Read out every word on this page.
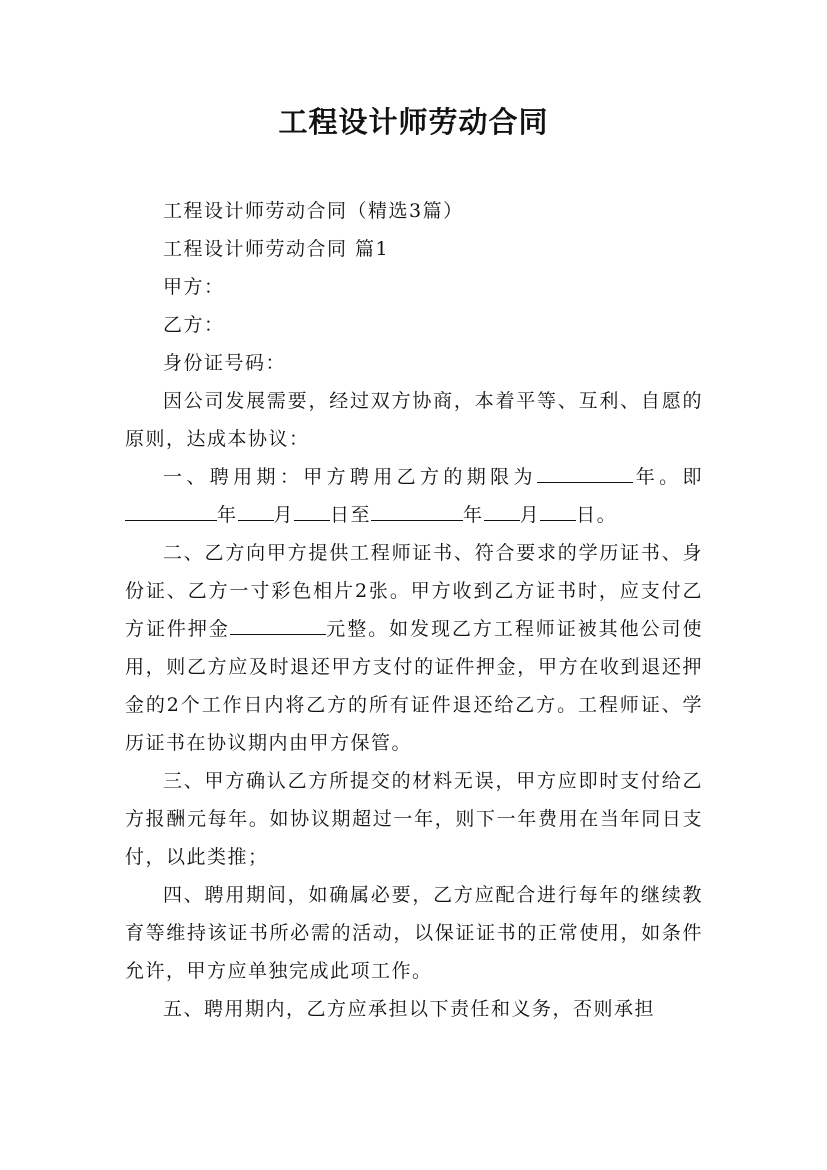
工程设计师劳动合同

工程设计师劳动合同（精选3篇）

工程设计师劳动合同 篇1

甲方：

乙方：

身份证号码：

因公司发展需要，经过双方协商，本着平等、互利、自愿的原则，达成本协议：

一、聘用期：甲方聘用乙方的期限为	年。即年 月 日至	年 月 日。

二、乙方向甲方提供工程师证书、符合要求的学历证书、身份证、乙方一寸彩色相片2张。甲方收到乙方证书时，应支付乙方证件押金	元整。如发现乙方工程师证被其他公司使用，则乙方应及时退还甲方支付的证件押金，甲方在收到退还押金的2个工作日内将乙方的所有证件退还给乙方。工程师证、学历证书在协议期内由甲方保管。

三、甲方确认乙方所提交的材料无误，甲方应即时支付给乙方报酬元每年。如协议期超过一年，则下一年费用在当年同日支付，以此类推；

四、聘用期间，如确属必要，乙方应配合进行每年的继续教育等维持该证书所必需的活动，以保证证书的正常使用，如条件允许，甲方应单独完成此项工作。

五、聘用期内，乙方应承担以下责任和义务，否则承担
